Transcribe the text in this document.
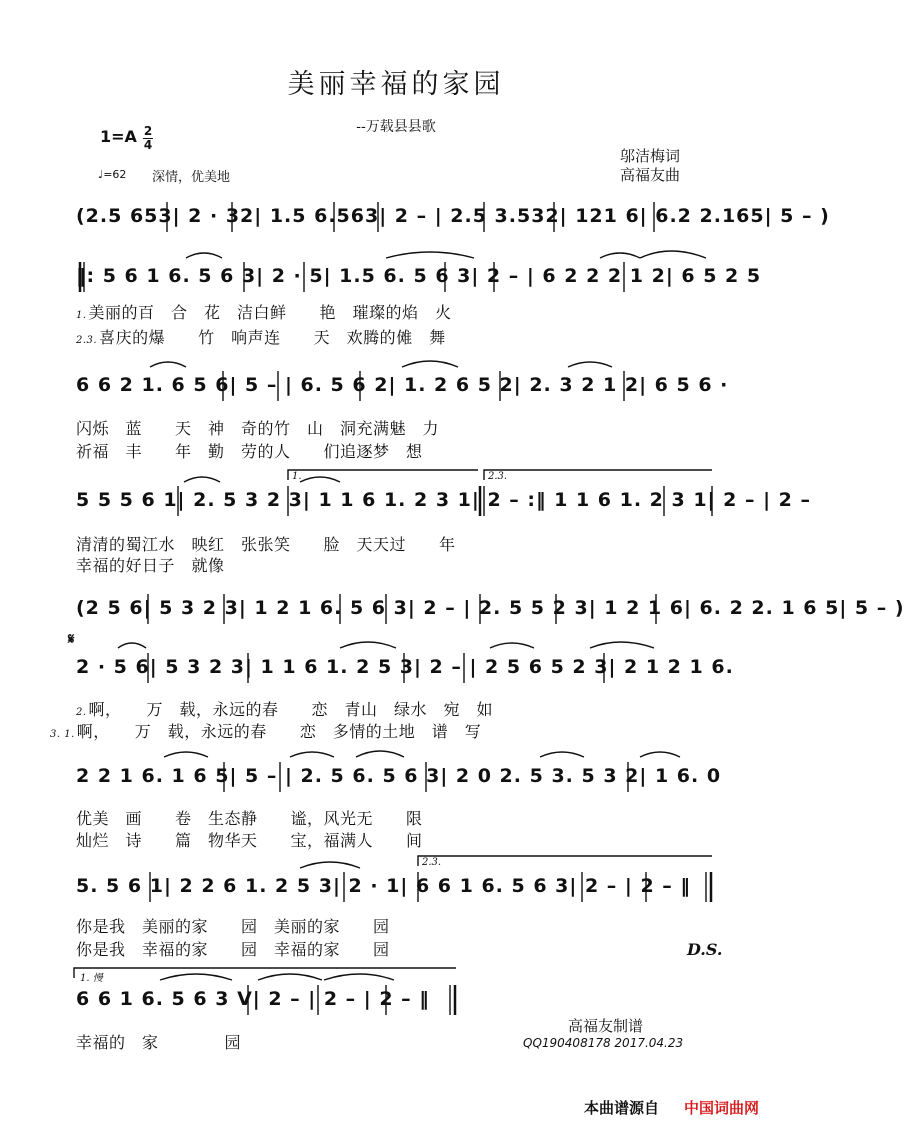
美丽幸福的家园
--万载县县歌
1=A 2
4
♩=62 深情，优美地
邬洁梅词
高福友曲
(2.5 653| 2 · 32| 1.5 6.563| 2 – | 2.5 3.532| 121 6| 6.2 2.165| 5 – )
‖: 5 6 1 6. 5 6 3| 2 · 5| 1.5 6. 5 6 3| 2 – | 6 2 2 2 1 2| 6 5 2 5
1. 美丽的百　合　花　洁白鲜　　艳　璀璨的焰　火
2.3. 喜庆的爆　　竹　响声连　　天　欢腾的傩　舞
6 6 2 1. 6 5 6| 5 – | 6. 5 6 2| 1. 2 6 5 2| 2. 3 2 1 2| 6 5 6 ·
闪烁　蓝　　天　神　奇的竹　山　洞充满魅　力
祈福　丰　　年　勤　劳的人　　们追逐梦　想
1.	2.3.
5 5 5 6 1| 2. 5 3 2 3| 1 1 6 1. 2 3 1| 2 – :‖ 1 1 6 1. 2 3 1| 2 – | 2 –
清清的蜀江水　映红　张张笑　　脸　天天过　　年
幸福的好日子　就像
(2 5 6| 5 3 2 3| 1 2 1 6. 5 6 3| 2 – | 2. 5 5 2 3| 1 2 1 6| 6. 2 2. 1 6 5| 5 – )
𝄋
2 · 5 6| 5 3 2 3| 1 1 6 1. 2 5 3| 2 – | 2 5 6 5 2 3| 2 1 2 1 6.
2. 啊，　　万　载，永远的春　　恋　青山　绿水　宛　如
3. 1. 啊，　　万　载，永远的春　　恋　多情的土地　谱　写
2 2 1 6. 1 6 5| 5 – | 2. 5 6. 5 6 3| 2 0 2. 5 3. 5 3 2| 1 6. 0
优美　画　　卷　生态静　　谧，风光无　　限
灿烂　诗　　篇　物华天　　宝，福满人　　间
2.3.
5. 5 6 1| 2 2 6 1. 2 5 3| 2 · 1| 6 6 1 6. 5 6 3| 2 – | 2 – ‖
你是我　美丽的家　　园　美丽的家　　园
你是我　幸福的家　　园　幸福的家　　园	D.S.
1. 慢
6 6 1 6. 5 6 3 V| 2 – | 2 – | 2 – ‖
幸福的　家　　　　园
高福友制谱
QQ190408178 2017.04.23
本曲谱源自 中国词曲网
